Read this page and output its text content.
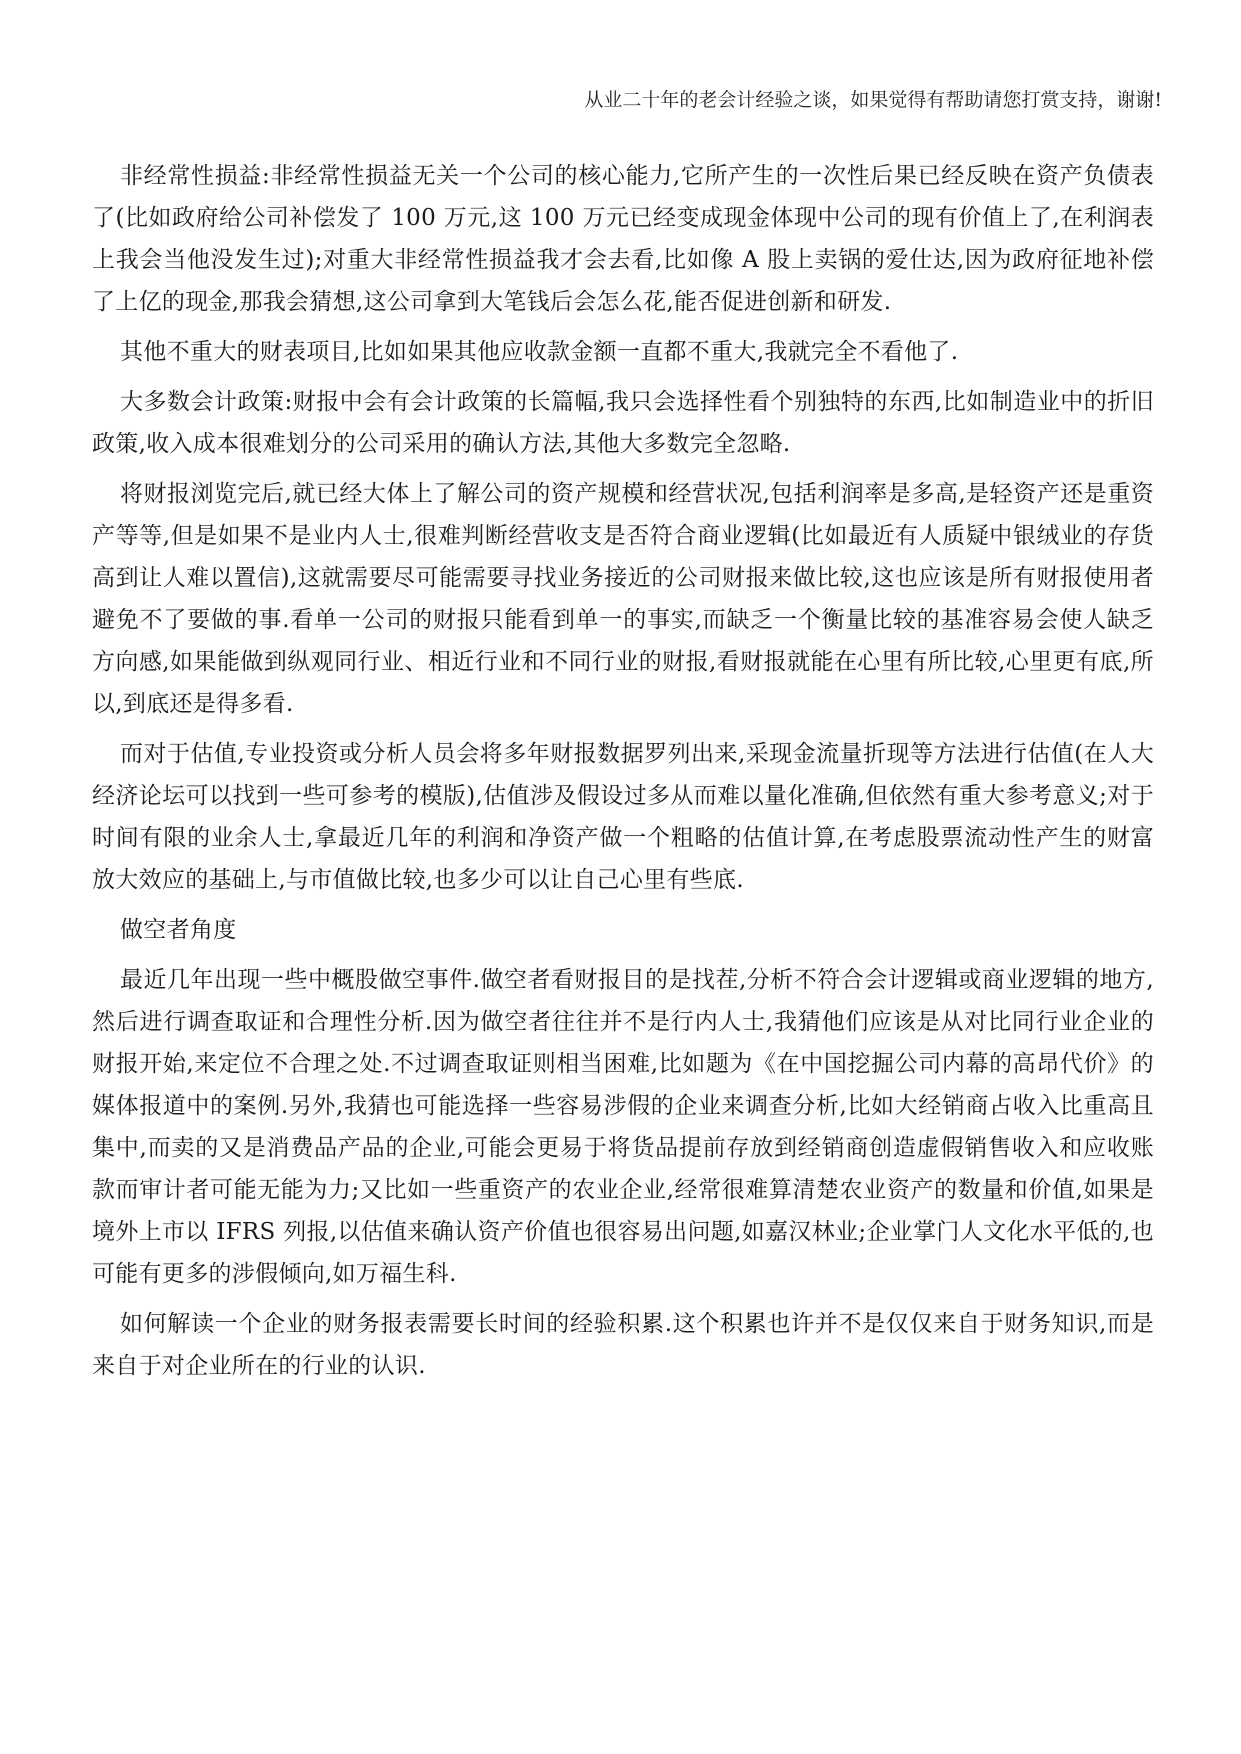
从业二十年的老会计经验之谈，如果觉得有帮助请您打赏支持，谢谢!

非经常性损益:非经常性损益无关一个公司的核心能力,它所产生的一次性后果已经反映在资产负债表了(比如政府给公司补偿发了 100 万元,这 100 万元已经变成现金体现中公司的现有价值上了,在利润表上我会当他没发生过);对重大非经常性损益我才会去看,比如像 A 股上卖锅的爱仕达,因为政府征地补偿了上亿的现金,那我会猜想,这公司拿到大笔钱后会怎么花,能否促进创新和研发.

其他不重大的财表项目,比如如果其他应收款金额一直都不重大,我就完全不看他了.

大多数会计政策:财报中会有会计政策的长篇幅,我只会选择性看个别独特的东西,比如制造业中的折旧政策,收入成本很难划分的公司采用的确认方法,其他大多数完全忽略.

将财报浏览完后,就已经大体上了解公司的资产规模和经营状况,包括利润率是多高,是轻资产还是重资产等等,但是如果不是业内人士,很难判断经营收支是否符合商业逻辑(比如最近有人质疑中银绒业的存货高到让人难以置信),这就需要尽可能需要寻找业务接近的公司财报来做比较,这也应该是所有财报使用者避免不了要做的事.看单一公司的财报只能看到单一的事实,而缺乏一个衡量比较的基准容易会使人缺乏方向感,如果能做到纵观同行业、相近行业和不同行业的财报,看财报就能在心里有所比较,心里更有底,所以,到底还是得多看.

而对于估值,专业投资或分析人员会将多年财报数据罗列出来,采现金流量折现等方法进行估值(在人大经济论坛可以找到一些可参考的模版),估值涉及假设过多从而难以量化准确,但依然有重大参考意义;对于时间有限的业余人士,拿最近几年的利润和净资产做一个粗略的估值计算,在考虑股票流动性产生的财富放大效应的基础上,与市值做比较,也多少可以让自己心里有些底.

做空者角度

最近几年出现一些中概股做空事件.做空者看财报目的是找茬,分析不符合会计逻辑或商业逻辑的地方,然后进行调查取证和合理性分析.因为做空者往往并不是行内人士,我猜他们应该是从对比同行业企业的财报开始,来定位不合理之处.不过调查取证则相当困难,比如题为《在中国挖掘公司内幕的高昂代价》的媒体报道中的案例.另外,我猜也可能选择一些容易涉假的企业来调查分析,比如大经销商占收入比重高且集中,而卖的又是消费品产品的企业,可能会更易于将货品提前存放到经销商创造虚假销售收入和应收账款而审计者可能无能为力;又比如一些重资产的农业企业,经常很难算清楚农业资产的数量和价值,如果是境外上市以 IFRS 列报,以估值来确认资产价值也很容易出问题,如嘉汉林业;企业掌门人文化水平低的,也可能有更多的涉假倾向,如万福生科.

如何解读一个企业的财务报表需要长时间的经验积累.这个积累也许并不是仅仅来自于财务知识,而是来自于对企业所在的行业的认识.
